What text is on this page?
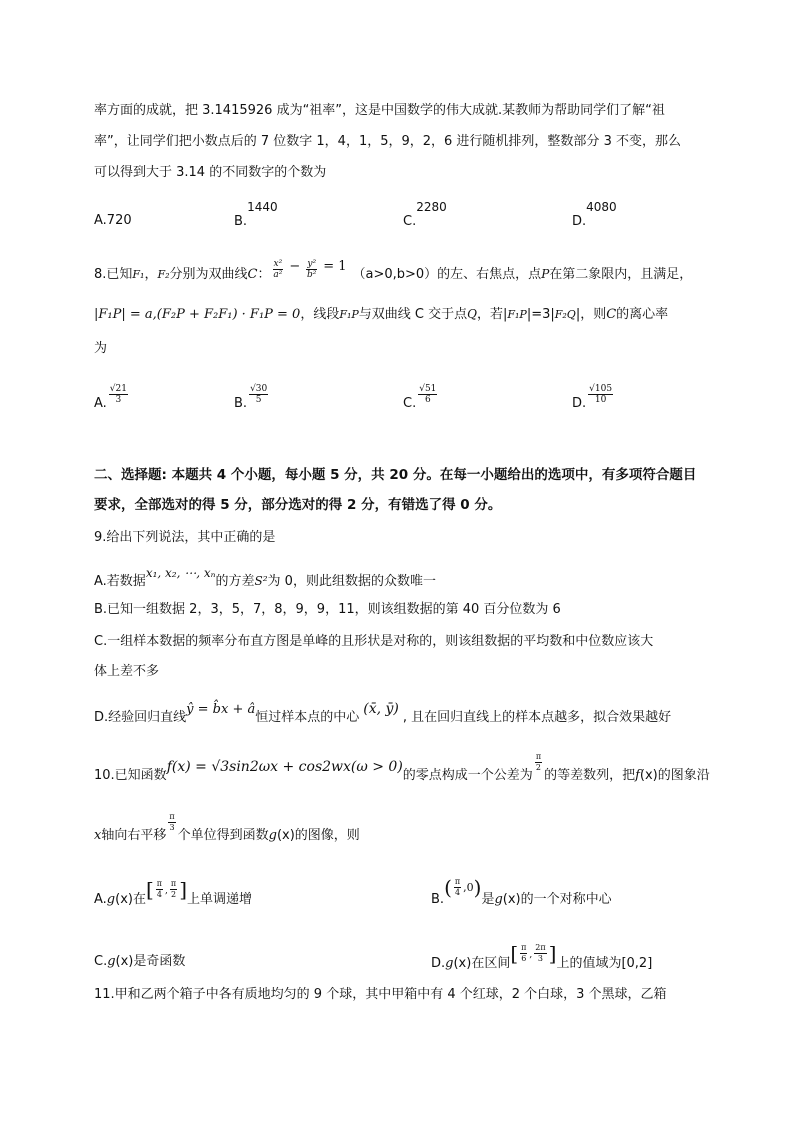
率方面的成就，把 3.1415926 成为“祖率”，这是中国数学的伟大成就.某教师为帮助同学们了解“祖
率”，让同学们把小数点后的 7 位数字 1，4，1，5，9，2，6 进行随机排列，整数部分 3 不变，那么
可以得到大于 3.14 的不同数字的个数为
A.720	B.1440
C.2280
D.4080
8.已知F₁，F₂分别为双曲线C： $\frac{\text{x²}}{\text{a²}} - \frac{\text{y²}}{\text{b²}} = 1(a>0,b>0)$的左、右焦点，点P在第二象限内，且满足，
|F₁P| = a,(F₂P + F₂F₁) · F₁P = 0，线段F₁P与双曲线 C 交于点Q，若|F₁P|=3|F₂Q|，则C的离心率
为
A. $\frac{√21}{3}$	B. $\frac{√30}{5}$	C. $\frac{√51}{6}$	D. $\frac{√105}{10}$
二、选择题: 本题共 4 个小题，每小题 5 分，共 20 分。在每一小题给出的选项中，有多项符合题目
要求，全部选对的得 5 分，部分选对的得 2 分，有错选了得 0 分。
9.给出下列说法，其中正确的是
A.若数据x₁, x₂, ⋯, xₙ的方差S²为 0，则此组数据的众数唯一
B.已知一组数据 2，3，5，7，8，9，9，11，则该组数据的第 40 百分位数为 6
C.一组样本数据的频率分布直方图是单峰的且形状是对称的，则该组数据的平均数和中位数应该大
体上差不多
D.经验回归直线ŷ = b̂x + â恒过样本点的中心(x̄, ȳ), 且在回归直线上的样本点越多，拟合效果越好
10.已知函数f(x) = √3sin2ωx + cos2wx(ω > 0)的零点构成一个公差为
$\frac{\pi}{2}$
的等差数列，把f(x)的图象沿
x轴向右平移
$\frac{\pi}{3}$
个单位得到函数g(x)的图像，则
A.g(x)在[ $\frac{\pi}{4}$ , $\frac{\pi}{2}$ ]上单调递增	$B.( \frac{\pi}{4} ,0)$是g(x)的一个对称中心
C.g(x)是奇函数	D.g(x)在区间[ $\frac{\pi}{6}$ , $\frac{2\pi}{3}$ ]上的值域为[0,2]
11.甲和乙两个箱子中各有质地均匀的 9 个球，其中甲箱中有 4 个红球，2 个白球，3 个黑球，乙箱
